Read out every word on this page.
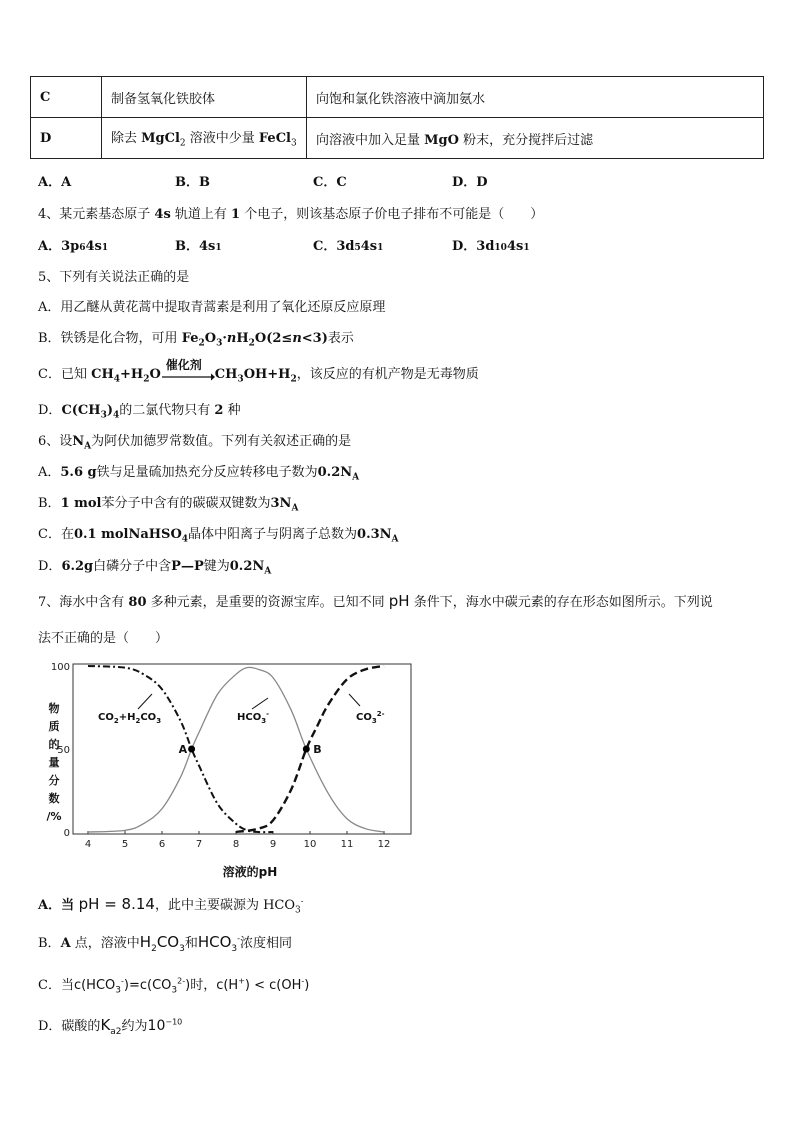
C	制备氢氧化铁胶体	向饱和氯化铁溶液中滴加氨水
D	除去 MgCl$_2$ 溶液中少量 FeCl$_3$	向溶液中加入足量 MgO 粉末，充分搅拌后过滤
A．A	B．B	C．C	D．D
4、某元素基态原子 4s 轨道上有 1 个电子，则该基态原子价电子排布不可能是（　　）
A．3p64s1	B．4s1	C．3d54s1	D．3d104s1
5、下列有关说法正确的是
A．用乙醚从黄花蒿中提取青蒿素是利用了氧化还原反应原理
B．铁锈是化合物，可用 $Fe_2O_3\cdot nH_2O(2\le n<3)$表示
C．已知 $CH_4+H_2O$
催化剂
$CH_3OH+H_2$，该反应的有机产物是无毒物质
D．$C(CH_3)_4$的二氯代物只有 2 种
6、设$N_A$为阿伏加德罗常数值。下列有关叙述正确的是
A．5.6 g铁与足量硫加热充分反应转移电子数为$0.2N_A$
B．1 mol苯分子中含有的碳碳双键数为$3N_A$
C．在0.1 molNaHSO$_4$晶体中阳离子与阴离子总数为$0.3N_A$
D．6.2g白磷分子中含P—P键为$0.2N_A$
7、海水中含有 80 多种元素，是重要的资源宝库。已知不同 pH 条件下，海水中碳元素的存在形态如图所示。下列说
法不正确的是（　　）
4	5	6	7	8	9	10 11 12
100
50
0
$CO_2+H_2CO_3$	$HCO_3^-$	$CO_3^{2-}$
A	B
物
质
的
量
分
数
/%
溶液的pH
A．当 pH = 8.14，此中主要碳源为 $HCO_3^-$
B．A 点，溶液中$H_2CO_3$和$HCO_3^-$浓度相同
C．当$c(HCO_3^-)=c(CO_3^{2-})$时，c(H+) < c(OH-)
D．碳酸的$K_{a2}$约为$10^{-10}$
